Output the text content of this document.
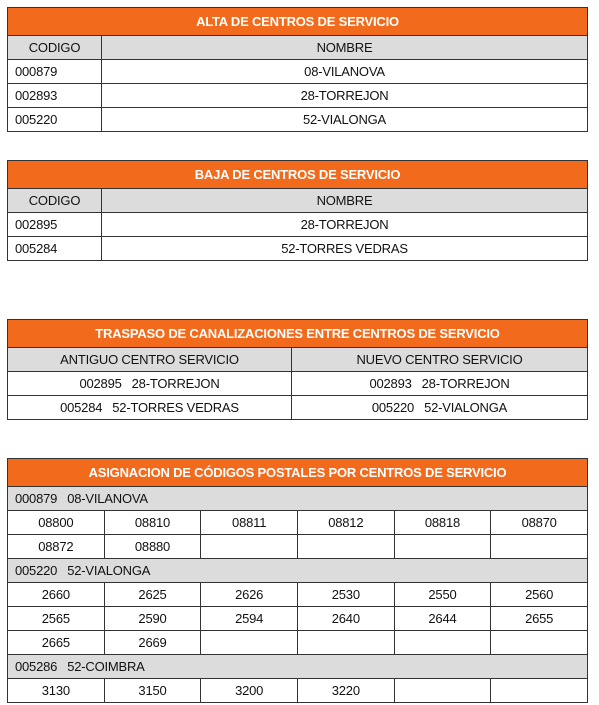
ALTA DE CENTROS DE SERVICIO	
CODIGO	NOMBRE
000879	08-VILANOVA
002893	28-TORREJON
005220	52-VIALONGA
BAJA DE CENTROS DE SERVICIO	
CODIGO	NOMBRE
002895	28-TORREJON
005284	52-TORRES VEDRAS
TRASPASO DE CANALIZACIONES ENTRE CENTROS DE SERVICIO	
ANTIGUO CENTRO SERVICIO	NUEVO CENTRO SERVICIO
002895 28-TORREJON	002893 28-TORREJON
005284 52-TORRES VEDRAS	005220 52-VIALONGA
ASIGNACION DE CÓDIGOS POSTALES POR CENTROS DE SERVICIO					
000879 08-VILANOVA					
08800	08810	08811	08812	08818	08870
08872	08880				
005220 52-VIALONGA					
2660	2625	2626	2530	2550	2560
2565	2590	2594	2640	2644	2655
2665	2669				
005286 52-COIMBRA					
3130	3150	3200	3220		
